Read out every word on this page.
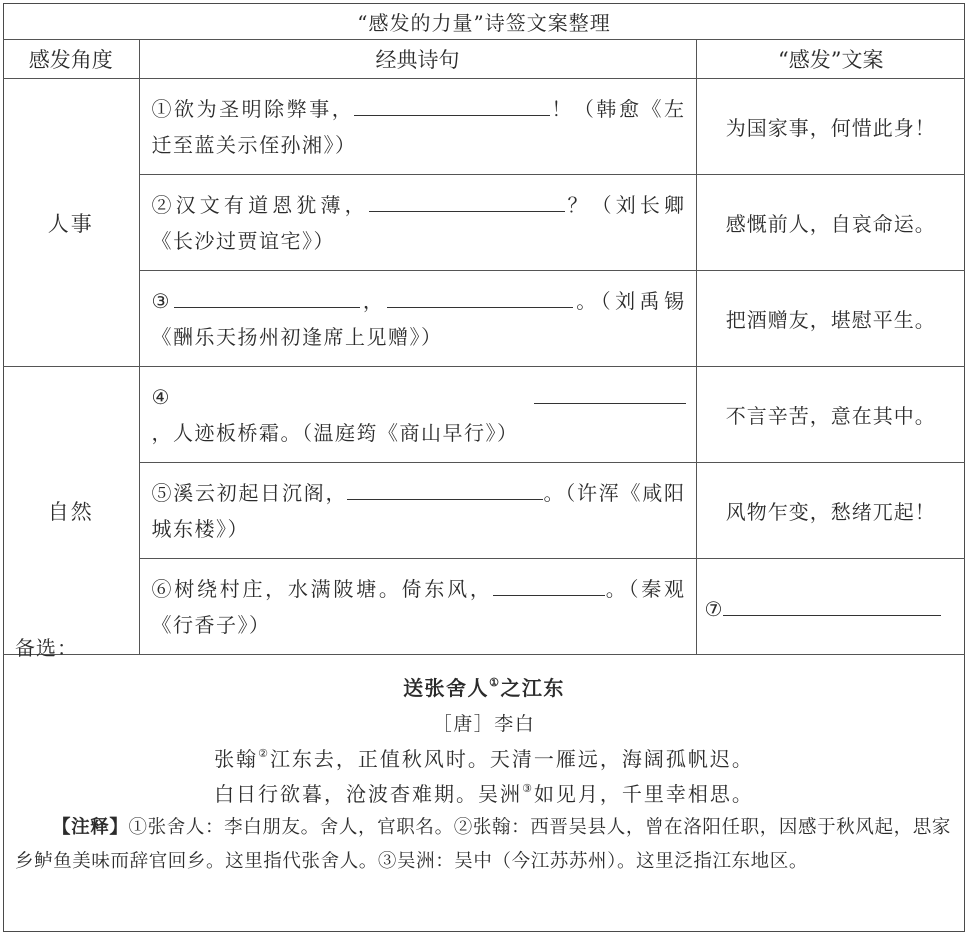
“感发的力量”诗签文案整理		
感发角度	经典诗句	“感发”文案
人事	①欲为圣明除弊事， ！（韩愈《左迁至蓝关示侄孙湘》）	为国家事，何惜此身！
	②汉文有道恩犹薄， ？（刘长卿《长沙过贾谊宅》）	感慨前人，自哀命运。
	③ ， 。（刘禹锡《酬乐天扬州初逢席上见赠》）	把酒赠友，堪慰平生。
自然	④，人迹板桥霜。（温庭筠《商山早行》）	不言辛苦，意在其中。
	⑤溪云初起日沉阁， 。（许浑《咸阳城东楼》）	风物乍变，愁绪兀起！
	⑥树绕村庄，水满陂塘。倚东风， 。（秦观《行香子》）	⑦
备选：
送张舍人①之江东
［唐］李白
张翰②江东去，正值秋风时。天清一雁远，海阔孤帆迟。
白日行欲暮，沧波杳难期。吴洲③如见月，千里幸相思。
【注释】①张舍人：李白朋友。舍人，官职名。②张翰：西晋吴县人，曾在洛阳任职，因感于秋风起，思家乡鲈鱼美味而辞官回乡。这里指代张舍人。③吴洲：吴中（今江苏苏州）。这里泛指江东地区。
